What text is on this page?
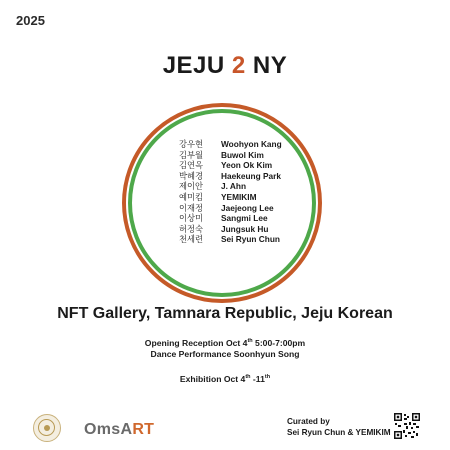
2025
JEJU 2 NY
강우현	Woohyon Kang
김부월	Buwol Kim
김연옥	Yeon Ok Kim
박혜경	Haekeung Park
제이안	J. Ahn
예미킴	YEMIKIM
이재정	Jaejeong Lee
이상미	Sangmi Lee
허정숙	Jungsuk Hu
천세련	Sei Ryun Chun
NFT Gallery, Tamnara Republic, Jeju Korean
Opening Reception Oct 4th 5:00-7:00pm
Dance Performance Soonhyun Song
Exhibition Oct 4th -11th
OmsART	Curated by
Sei Ryun Chun & YEMIKIM
